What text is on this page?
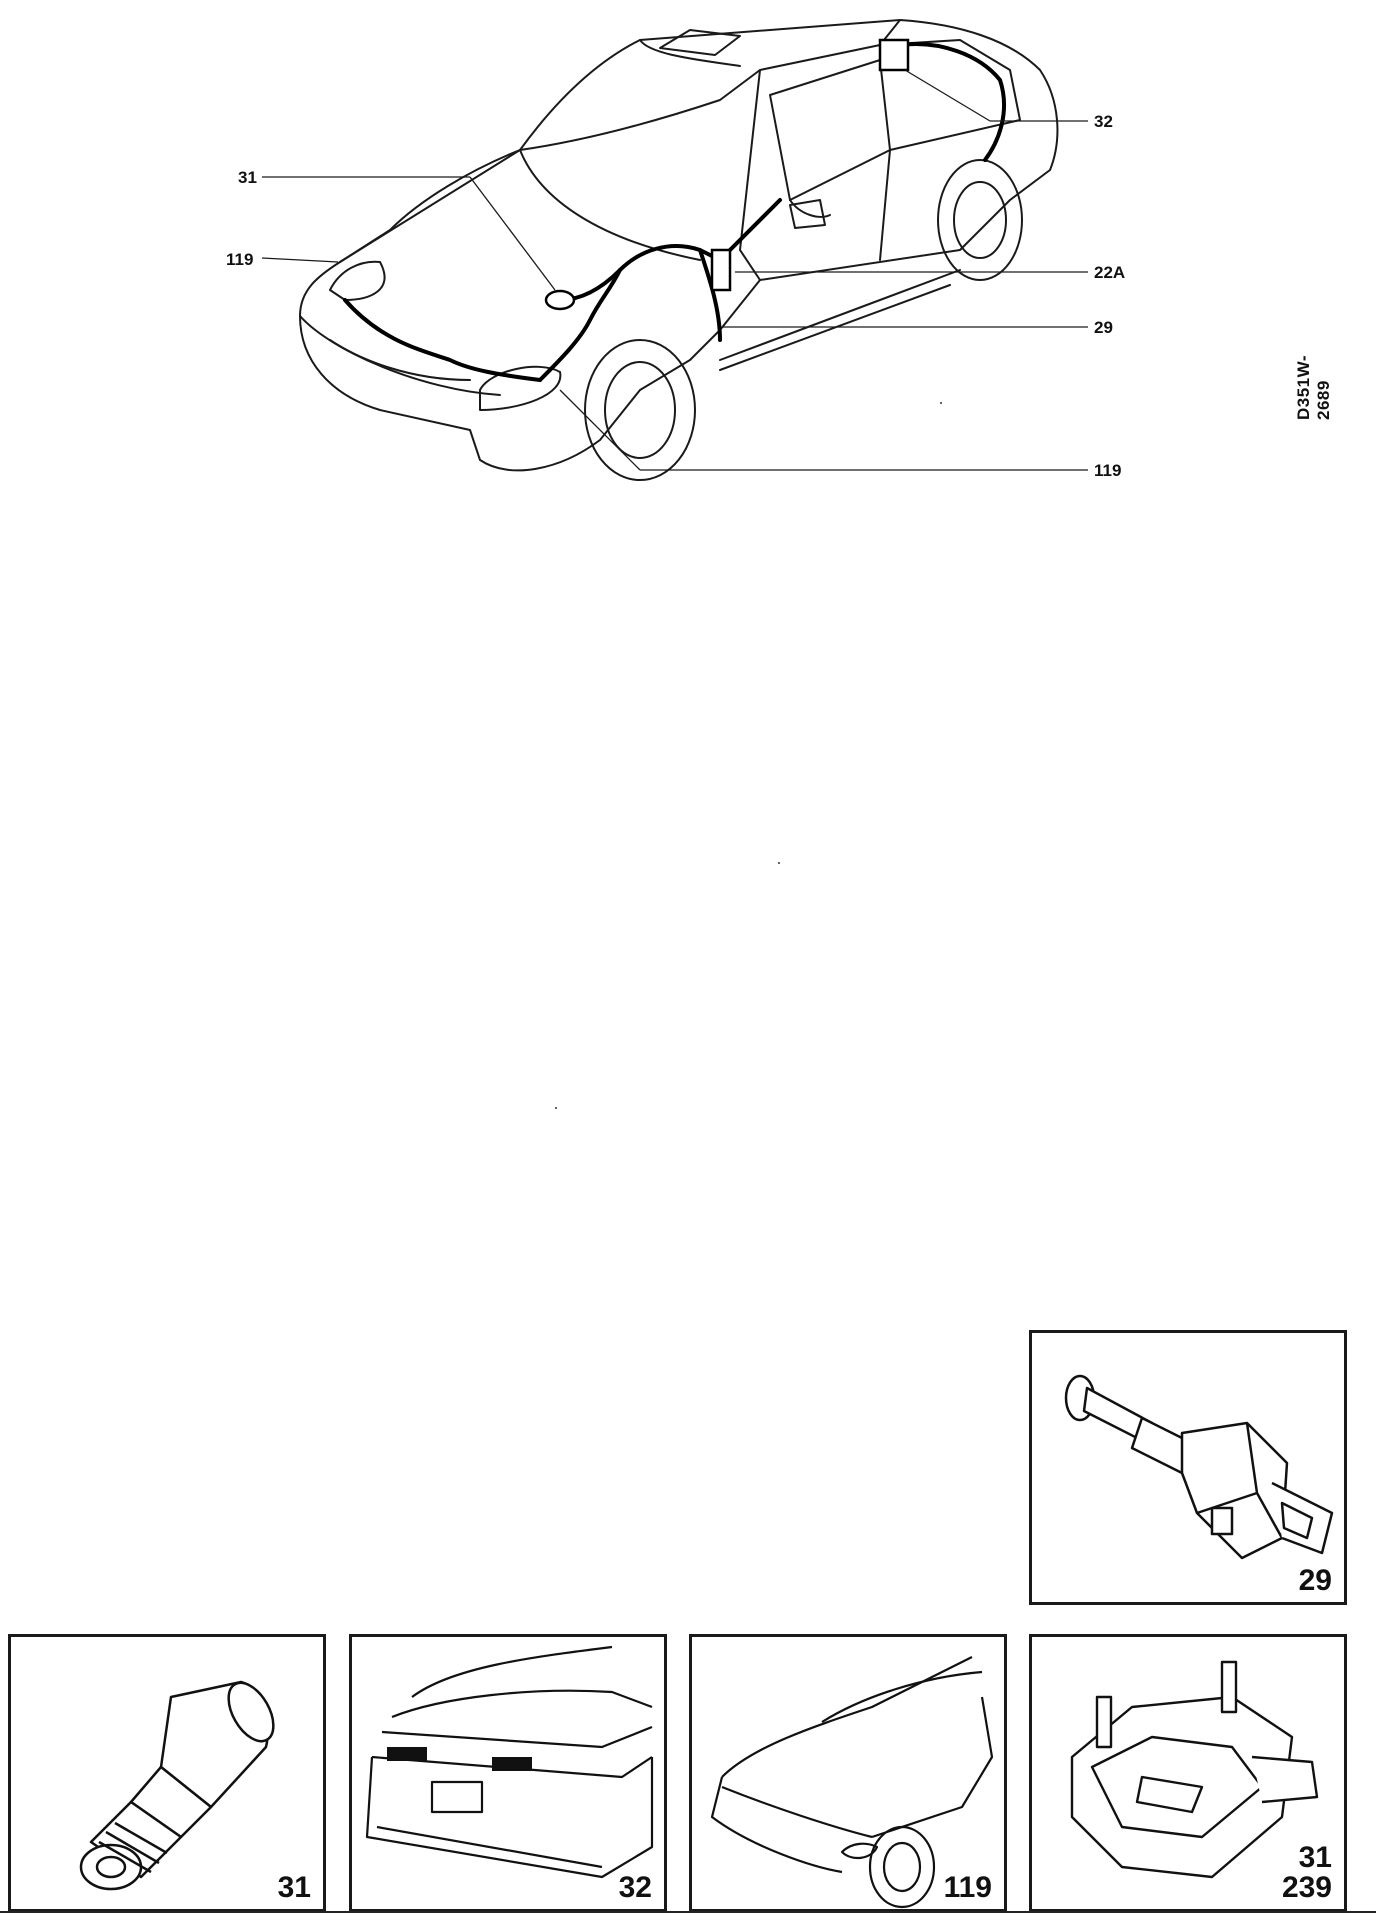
31
119
32
22A
29
119
D351W-2689
29
31	32	119
31
239
